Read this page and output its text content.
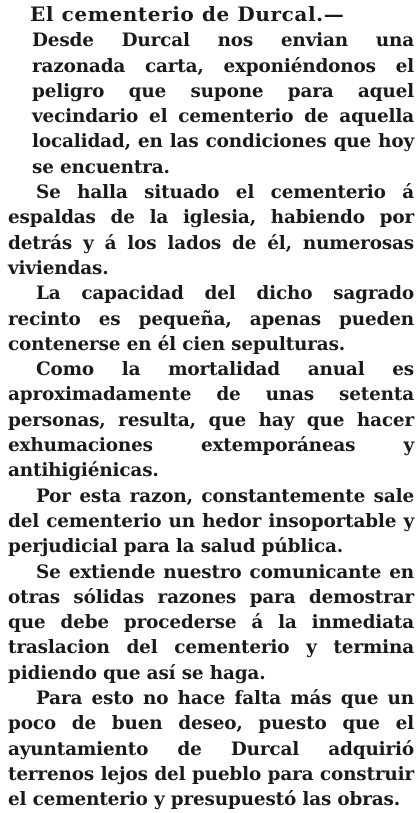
El cementerio de Durcal.—

Desde Durcal nos envian una razonada carta, exponiéndonos el peligro que supone para aquel vecindario el cementerio de aquella localidad, en las condiciones que hoy se encuentra.

Se halla situado el cementerio á espaldas de la iglesia, habiendo por detrás y á los lados de él, numerosas viviendas.

La capacidad del dicho sagrado recinto es pequeña, apenas pueden contenerse en él cien sepulturas.

Como la mortalidad anual es aproximadamente de unas setenta personas, resulta, que hay que hacer exhumaciones extemporáneas y antihigiénicas.

Por esta razon, constantemente sale del cementerio un hedor insoportable y perjudicial para la salud pública.

Se extiende nuestro comunicante en otras sólidas razones para demostrar que debe procederse á la inmediata traslacion del cementerio y termina pidiendo que así se haga.

Para esto no hace falta más que un poco de buen deseo, puesto que el ayuntamiento de Durcal adquirió terrenos lejos del pueblo para construir el cementerio y presupuestó las obras.
